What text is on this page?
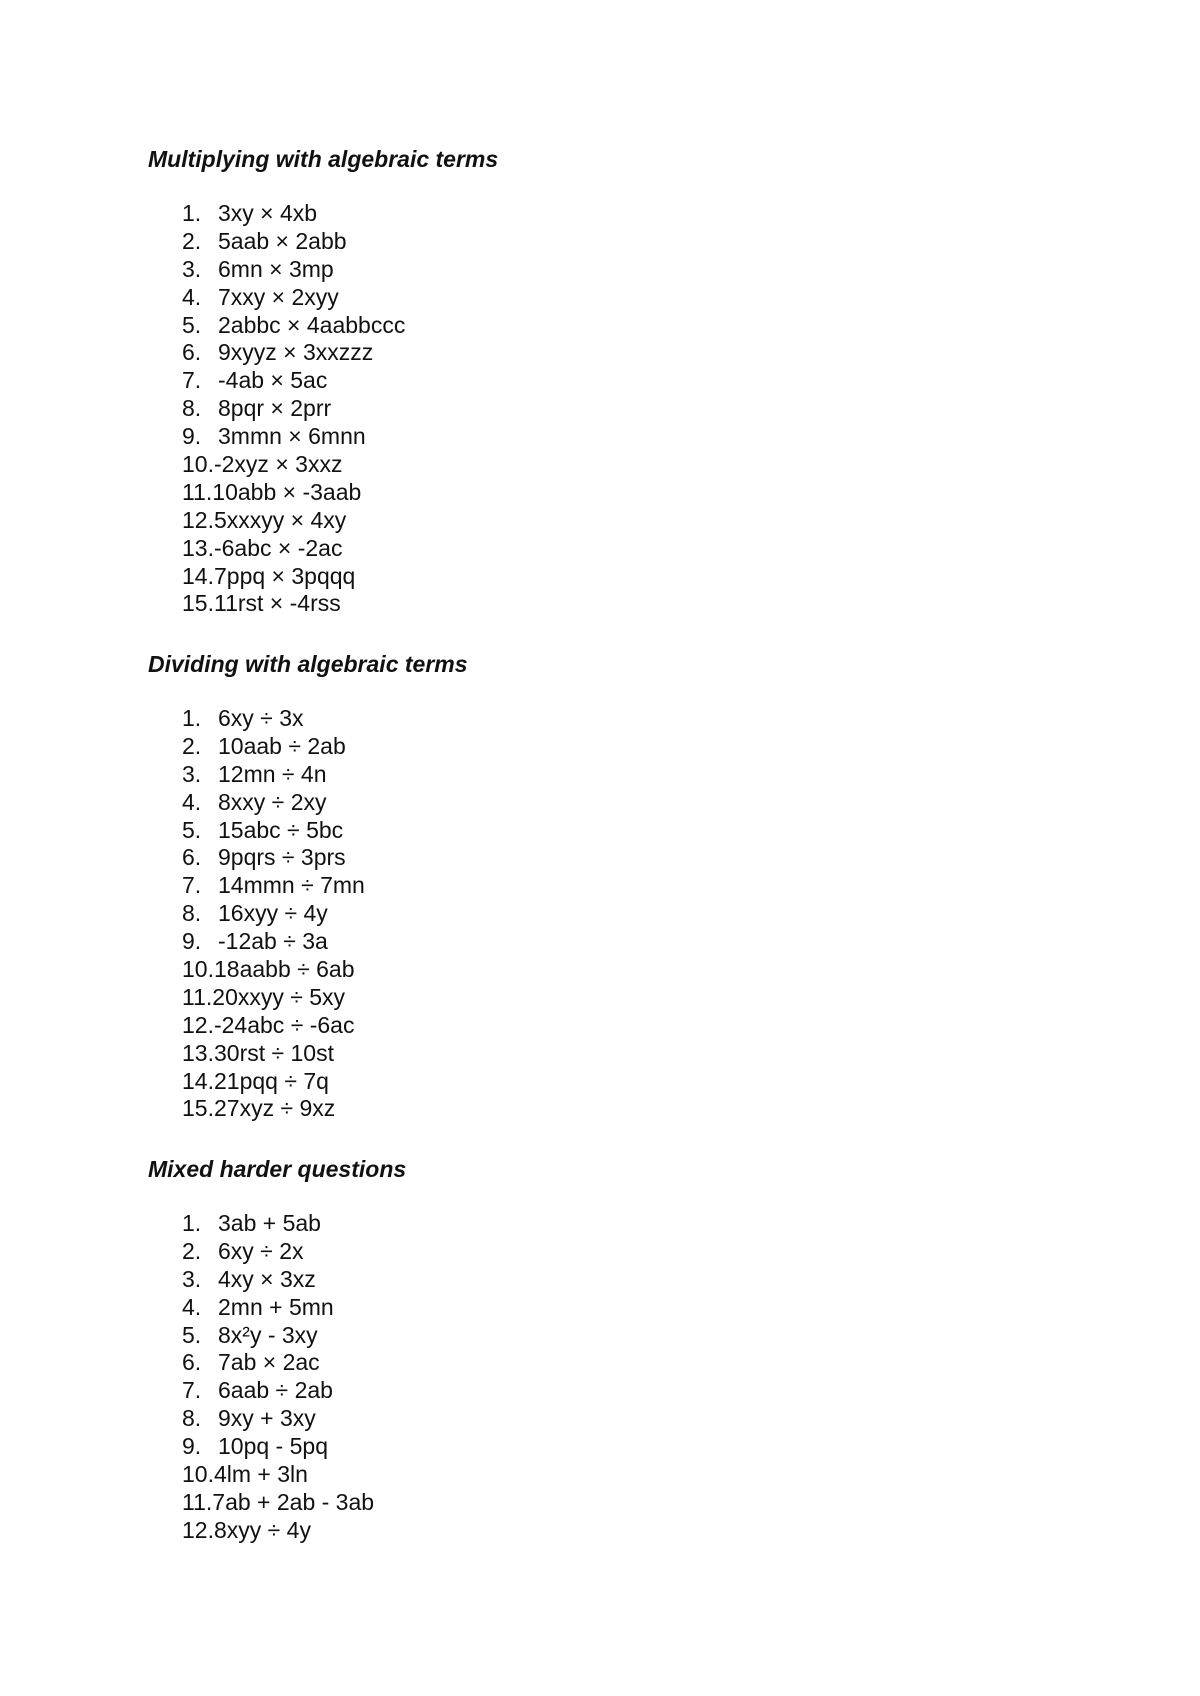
Multiplying with algebraic terms
1. 3xy × 4xb
2. 5aab × 2abb
3. 6mn × 3mp
4. 7xxy × 2xyy
5. 2abbc × 4aabbccc
6. 9xyyz × 3xxzzz
7. -4ab × 5ac
8. 8pqr × 2prr
9. 3mmn × 6mnn
10. -2xyz × 3xxz
11. 10abb × -3aab
12. 5xxxyy × 4xy
13. -6abc × -2ac
14. 7ppq × 3pqqq
15. 11rst × -4rss
Dividing with algebraic terms
1. 6xy ÷ 3x
2. 10aab ÷ 2ab
3. 12mn ÷ 4n
4. 8xxy ÷ 2xy
5. 15abc ÷ 5bc
6. 9pqrs ÷ 3prs
7. 14mmn ÷ 7mn
8. 16xyy ÷ 4y
9. -12ab ÷ 3a
10. 18aabb ÷ 6ab
11. 20xxyy ÷ 5xy
12. -24abc ÷ -6ac
13. 30rst ÷ 10st
14. 21pqq ÷ 7q
15. 27xyz ÷ 9xz
Mixed harder questions
1. 3ab + 5ab
2. 6xy ÷ 2x
3. 4xy × 3xz
4. 2mn + 5mn
5. 8x²y - 3xy
6. 7ab × 2ac
7. 6aab ÷ 2ab
8. 9xy + 3xy
9. 10pq - 5pq
10. 4lm + 3ln
11. 7ab + 2ab - 3ab
12. 8xyy ÷ 4y
